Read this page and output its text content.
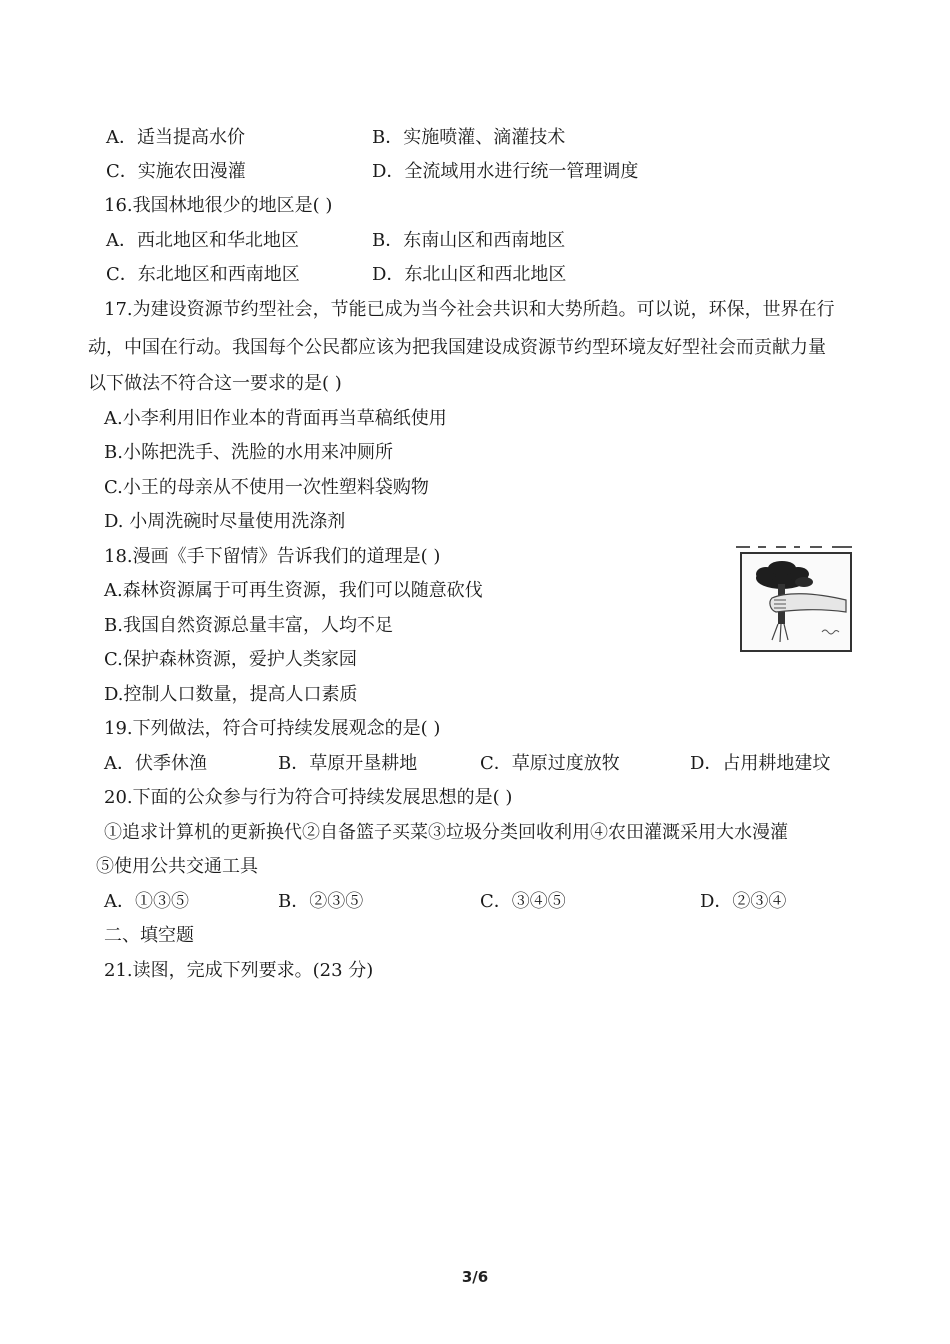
A．适当提高水价	B．实施喷灌、滴灌技术
C．实施农田漫灌	D．全流域用水进行统一管理调度
16.我国林地很少的地区是( )
A．西北地区和华北地区	B．东南山区和西南地区
C．东北地区和西南地区	D．东北山区和西北地区
17.为建设资源节约型社会，节能已成为当今社会共识和大势所趋。可以说，环保，世界在行
动，中国在行动。我国每个公民都应该为把我国建设成资源节约型环境友好型社会而贡献力量
以下做法不符合这一要求的是( )
A.小李利用旧作业本的背面再当草稿纸使用
B.小陈把洗手、洗脸的水用来冲厕所
C.小王的母亲从不使用一次性塑料袋购物
D. 小周洗碗时尽量使用洗涤剂
18.漫画《手下留情》告诉我们的道理是( )
A.森林资源属于可再生资源，我们可以随意砍伐
B.我国自然资源总量丰富，人均不足
C.保护森林资源，爱护人类家园
D.控制人口数量，提高人口素质
19.下列做法，符合可持续发展观念的是( )
A．伏季休渔	B．草原开垦耕地	C．草原过度放牧	D．占用耕地建坟
20.下面的公众参与行为符合可持续发展思想的是( )
①追求计算机的更新换代②自备篮子买菜③垃圾分类回收利用④农田灌溉采用大水漫灌
⑤使用公共交通工具
A．①③⑤	B．②③⑤	C．③④⑤	D．②③④
二、填空题
21.读图，完成下列要求。(23 分)
3/6
